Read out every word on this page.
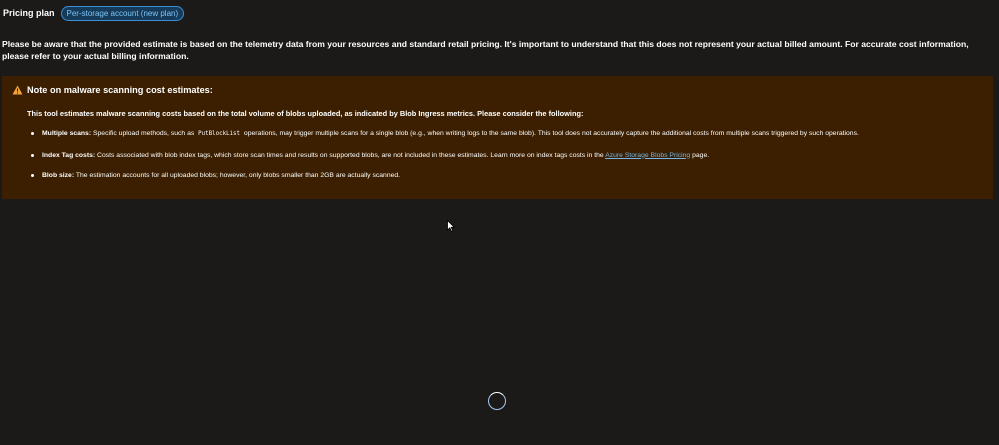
Pricing plan	Per-storage account (new plan)

Please be aware that the provided estimate is based on the telemetry data from your resources and standard retail pricing. It's important to understand that this does not represent your actual billed amount. For accurate cost information,
please refer to your actual billing information.

Note on malware scanning cost estimates:
This tool estimates malware scanning costs based on the total volume of blobs uploaded, as indicated by Blob Ingress metrics. Please consider the following:
Multiple scans: Specific upload methods, such as PutBlockList operations, may trigger multiple scans for a single blob (e.g., when writing logs to the same blob). This tool does not accurately capture the additional costs from multiple scans triggered by such operations.
Index Tag costs: Costs associated with blob index tags, which store scan times and results on supported blobs, are not included in these estimates. Learn more on index tags costs in the Azure Storage Blobs Pricing page.
Blob size: The estimation accounts for all uploaded blobs; however, only blobs smaller than 2GB are actually scanned.
